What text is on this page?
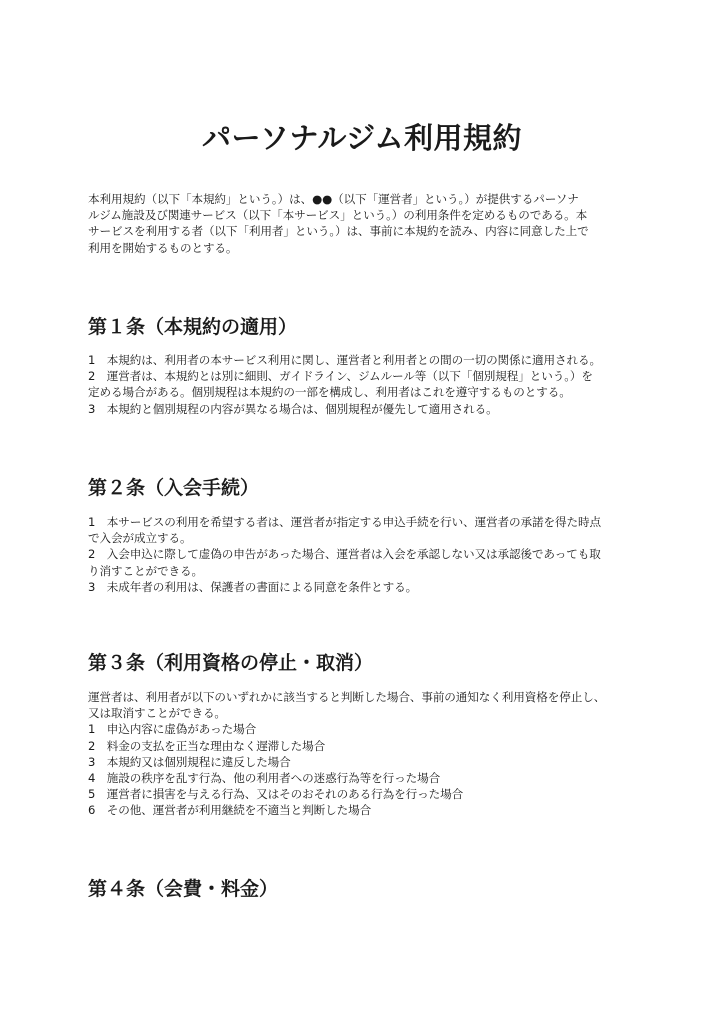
パーソナルジム利用規約
本利用規約（以下「本規約」という。）は、●●（以下「運営者」という。）が提供するパーソナ
ルジム施設及び関連サービス（以下「本サービス」という。）の利用条件を定めるものである。本
サービスを利用する者（以下「利用者」という。）は、事前に本規約を読み、内容に同意した上で
利用を開始するものとする。
第１条（本規約の適用）
1　本規約は、利用者の本サービス利用に関し、運営者と利用者との間の一切の関係に適用される。
2　運営者は、本規約とは別に細則、ガイドライン、ジムルール等（以下「個別規程」という。）を
定める場合がある。個別規程は本規約の一部を構成し、利用者はこれを遵守するものとする。
3　本規約と個別規程の内容が異なる場合は、個別規程が優先して適用される。
第２条（入会手続）
1　本サービスの利用を希望する者は、運営者が指定する申込手続を行い、運営者の承諾を得た時点
で入会が成立する。
2　入会申込に際して虚偽の申告があった場合、運営者は入会を承認しない又は承認後であっても取
り消すことができる。
3　未成年者の利用は、保護者の書面による同意を条件とする。
第３条（利用資格の停止・取消）
運営者は、利用者が以下のいずれかに該当すると判断した場合、事前の通知なく利用資格を停止し、
又は取消すことができる。
1　申込内容に虚偽があった場合
2　料金の支払を正当な理由なく遅滞した場合
3　本規約又は個別規程に違反した場合
4　施設の秩序を乱す行為、他の利用者への迷惑行為等を行った場合
5　運営者に損害を与える行為、又はそのおそれのある行為を行った場合
6　その他、運営者が利用継続を不適当と判断した場合
第４条（会費・料金）
